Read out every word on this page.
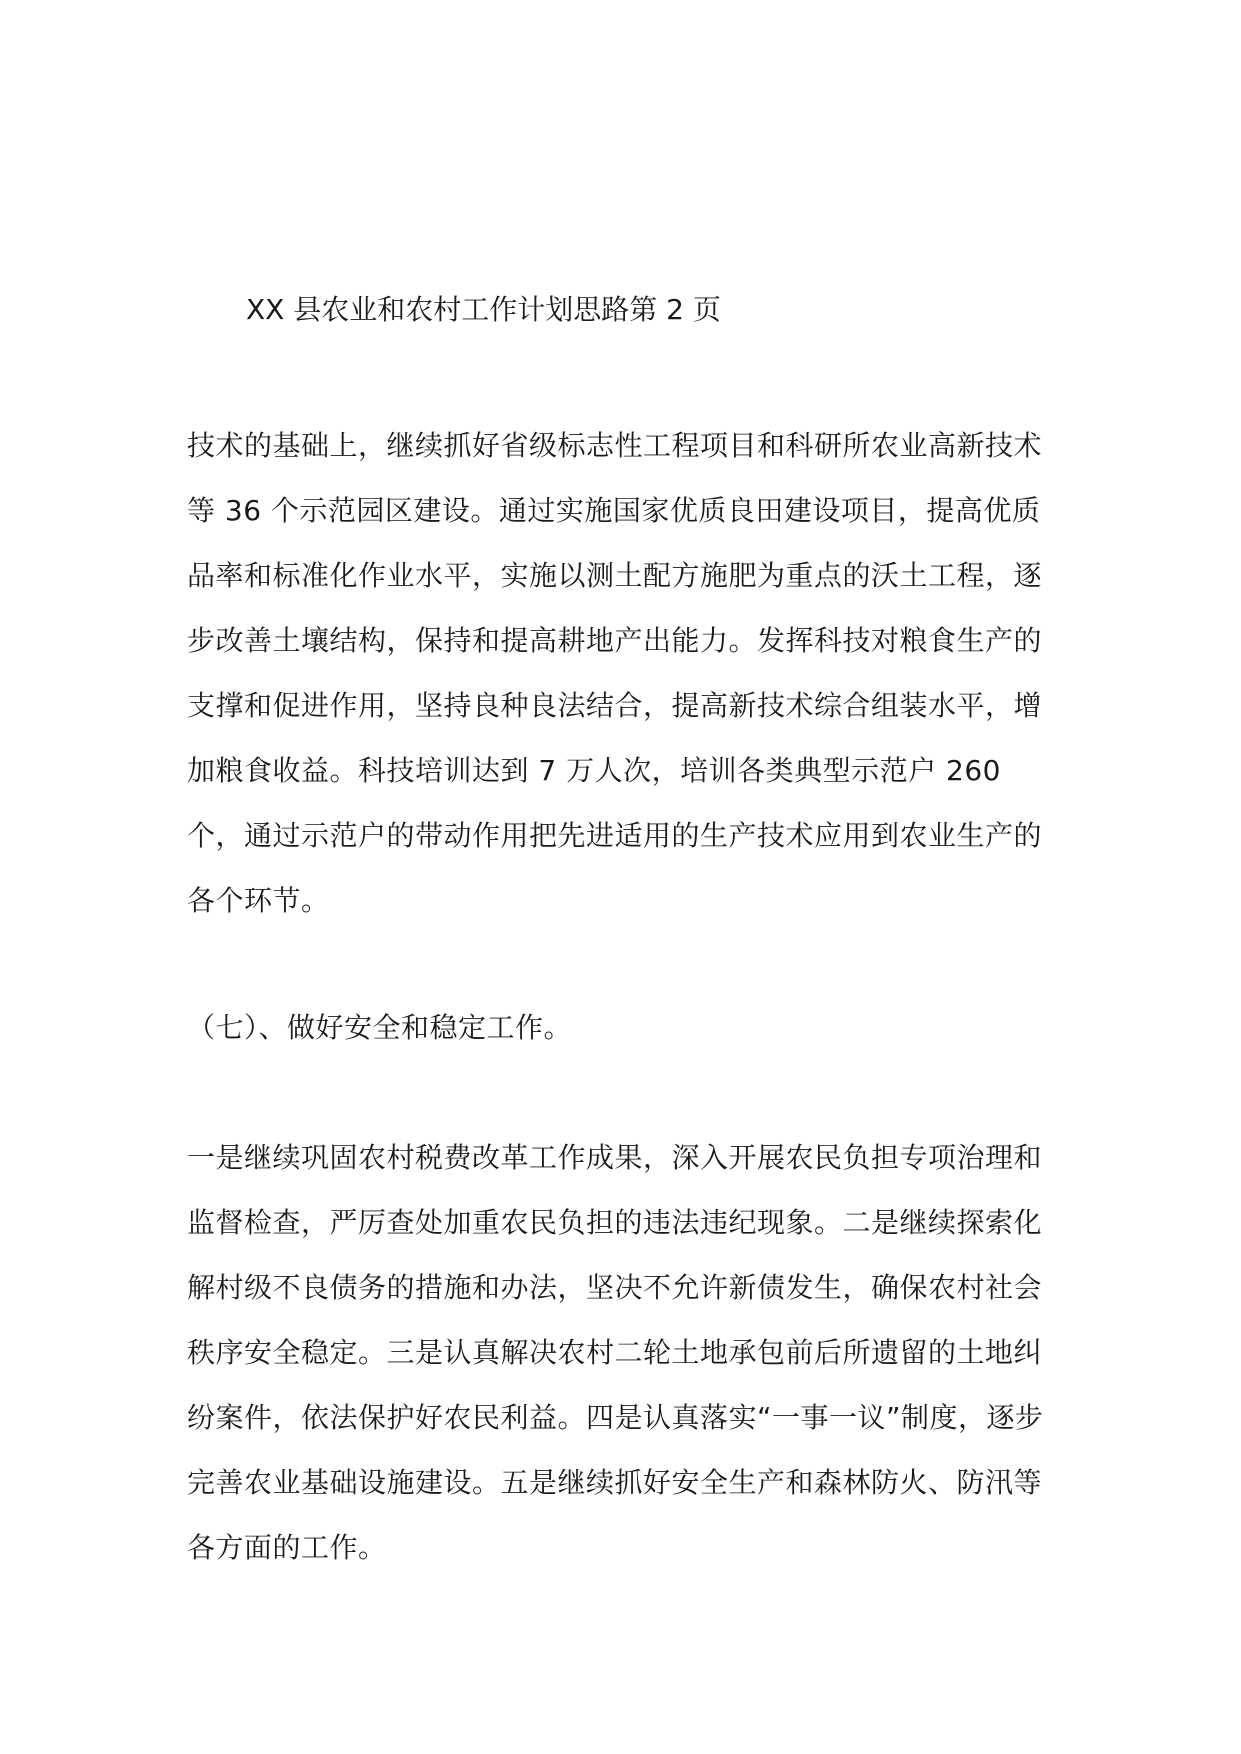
XX 县农业和农村工作计划思路第 2 页

技术的基础上，继续抓好省级标志性工程项目和科研所农业高新技术等 36 个示范园区建设。通过实施国家优质良田建设项目，提高优质品率和标准化作业水平，实施以测土配方施肥为重点的沃土工程，逐步改善土壤结构，保持和提高耕地产出能力。发挥科技对粮食生产的支撑和促进作用，坚持良种良法结合，提高新技术综合组装水平，增加粮食收益。科技培训达到 7 万人次，培训各类典型示范户 260 个，通过示范户的带动作用把先进适用的生产技术应用到农业生产的各个环节。

（七）、做好安全和稳定工作。

一是继续巩固农村税费改革工作成果，深入开展农民负担专项治理和监督检查，严厉查处加重农民负担的违法违纪现象。二是继续探索化解村级不良债务的措施和办法，坚决不允许新债发生，确保农村社会秩序安全稳定。三是认真解决农村二轮土地承包前后所遗留的土地纠纷案件，依法保护好农民利益。四是认真落实“一事一议”制度，逐步完善农业基础设施建设。五是继续抓好安全生产和森林防火、防汛等各方面的工作。
